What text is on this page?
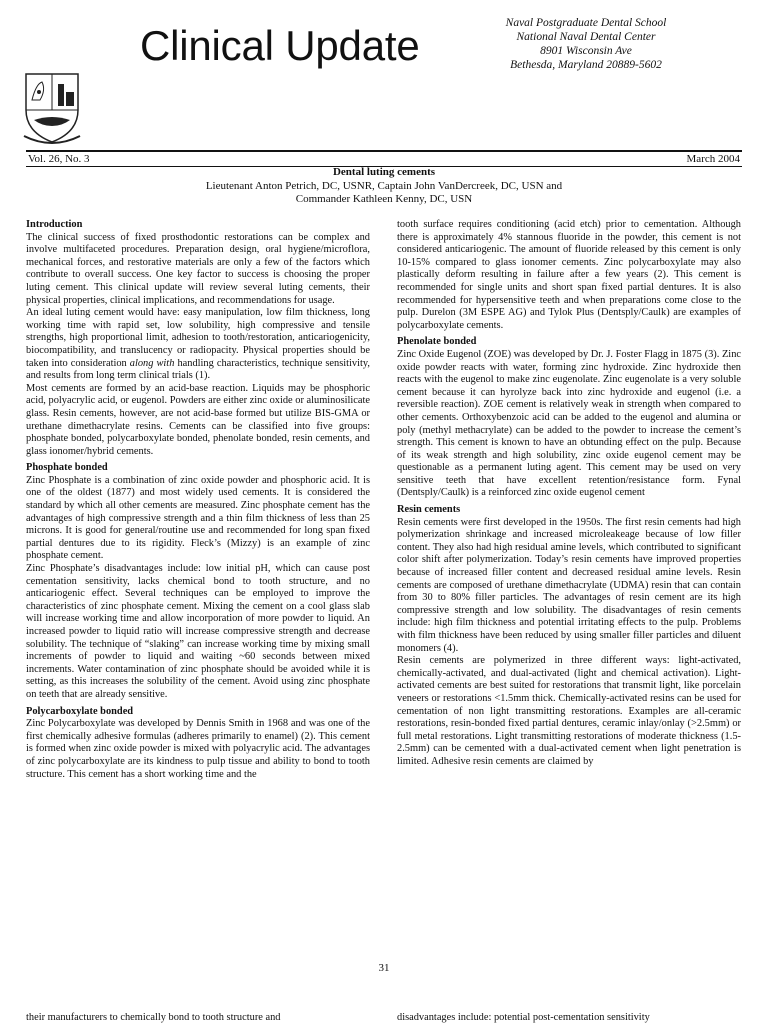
Clinical Update	Naval Postgraduate Dental School
National Naval Dental Center
8901 Wisconsin Ave
Bethesda, Maryland 20889-5602
Vol. 26, No. 3	March 2004
Dental luting cements
Lieutenant Anton Petrich, DC, USNR, Captain John VanDercreek, DC, USN and
Commander Kathleen Kenny, DC, USN
Introduction

The clinical success of fixed prosthodontic restorations can be complex and involve multifaceted procedures. Preparation design, oral hygiene/microflora, mechanical forces, and restorative materials are only a few of the factors which contribute to overall success. One key factor to success is choosing the proper luting cement. This clinical update will review several luting cements, their physical properties, clinical implications, and recommendations for usage.

An ideal luting cement would have: easy manipulation, low film thickness, long working time with rapid set, low solubility, high compressive and tensile strengths, high proportional limit, adhesion to tooth/restoration, anticariogenicity, biocompatibility, and translucency or radiopacity. Physical properties should be taken into consideration along with handling characteristics, technique sensitivity, and results from long term clinical trials (1).

Most cements are formed by an acid-base reaction. Liquids may be phosphoric acid, polyacrylic acid, or eugenol. Powders are either zinc oxide or aluminosilicate glass. Resin cements, however, are not acid-base formed but utilize BIS-GMA or urethane dimethacrylate resins. Cements can be classified into five groups: phosphate bonded, polycarboxylate bonded, phenolate bonded, resin cements, and glass ionomer/hybrid cements.

Phosphate bonded

Zinc Phosphate is a combination of zinc oxide powder and phosphoric acid. It is one of the oldest (1877) and most widely used cements. It is considered the standard by which all other cements are measured. Zinc phosphate cement has the advantages of high compressive strength and a thin film thickness of less than 25 microns. It is good for general/routine use and recommended for long span fixed partial dentures due to its rigidity. Fleck’s (Mizzy) is an example of zinc phosphate cement.

Zinc Phosphate’s disadvantages include: low initial pH, which can cause post cementation sensitivity, lacks chemical bond to tooth structure, and no anticariogenic effect. Several techniques can be employed to improve the characteristics of zinc phosphate cement. Mixing the cement on a cool glass slab will increase working time and allow incorporation of more powder to liquid. An increased powder to liquid ratio will increase compressive strength and decrease solubility. The technique of “slaking” can increase working time by mixing small increments of powder to liquid and waiting ~60 seconds between mixed increments. Water contamination of zinc phosphate should be avoided while it is setting, as this increases the solubility of the cement. Avoid using zinc phosphate on teeth that are already sensitive.

Polycarboxylate bonded

Zinc Polycarboxylate was developed by Dennis Smith in 1968 and was one of the first chemically adhesive formulas (adheres primarily to enamel) (2). This cement is formed when zinc oxide powder is mixed with polyacrylic acid. The advantages of zinc polycarboxylate are its kindness to pulp tissue and ability to bond to tooth structure. This cement has a short working time and the

tooth surface requires conditioning (acid etch) prior to cementation. Although there is approximately 4% stannous fluoride in the powder, this cement is not considered anticariogenic. The amount of fluoride released by this cement is only 10-15% compared to glass ionomer cements. Zinc polycarboxylate may also plastically deform resulting in failure after a few years (2). This cement is recommended for single units and short span fixed partial dentures. It is also recommended for hypersensitive teeth and when preparations come close to the pulp. Durelon (3M ESPE AG) and Tylok Plus (Dentsply/Caulk) are examples of polycarboxylate cements.

Phenolate bonded

Zinc Oxide Eugenol (ZOE) was developed by Dr. J. Foster Flagg in 1875 (3). Zinc oxide powder reacts with water, forming zinc hydroxide. Zinc hydroxide then reacts with the eugenol to make zinc eugenolate. Zinc eugenolate is a very soluble cement because it can hyrolyze back into zinc hydroxide and eugenol (i.e. a reversible reaction). ZOE cement is relatively weak in strength when compared to other cements. Orthoxybenzoic acid can be added to the eugenol and alumina or poly (methyl methacrylate) can be added to the powder to increase the cement’s strength. This cement is known to have an obtunding effect on the pulp. Because of its weak strength and high solubility, zinc oxide eugenol cement may be questionable as a permanent luting agent. This cement may be used on very sensitive teeth that have excellent retention/resistance form. Fynal (Dentsply/Caulk) is a reinforced zinc oxide eugenol cement

Resin cements

Resin cements were first developed in the 1950s. The first resin cements had high polymerization shrinkage and increased microleakeage because of low filler content. They also had high residual amine levels, which contributed to significant color shift after polymerization. Today’s resin cements have improved properties because of increased filler content and decreased residual amine levels. Resin cements are composed of urethane dimethacrylate (UDMA) resin that can contain from 30 to 80% filler particles. The advantages of resin cement are its high compressive strength and low solubility. The disadvantages of resin cements include: high film thickness and potential irritating effects to the pulp. Problems with film thickness have been reduced by using smaller filler particles and diluent monomers (4).

Resin cements are polymerized in three different ways: light-activated, chemically-activated, and dual-activated (light and chemical activation). Light-activated cements are best suited for restorations that transmit light, like porcelain veneers or restorations <1.5mm thick. Chemically-activated resins can be used for cementation of non light transmitting restorations. Examples are all-ceramic restorations, resin-bonded fixed partial dentures, ceramic inlay/onlay (>2.5mm) or full metal restorations. Light transmitting restorations of moderate thickness (1.5-2.5mm) can be cemented with a dual-activated cement when light penetration is limited. Adhesive resin cements are claimed by

31
their manufacturers to chemically bond to tooth structure and	disadvantages include: potential post-cementation sensitivity
